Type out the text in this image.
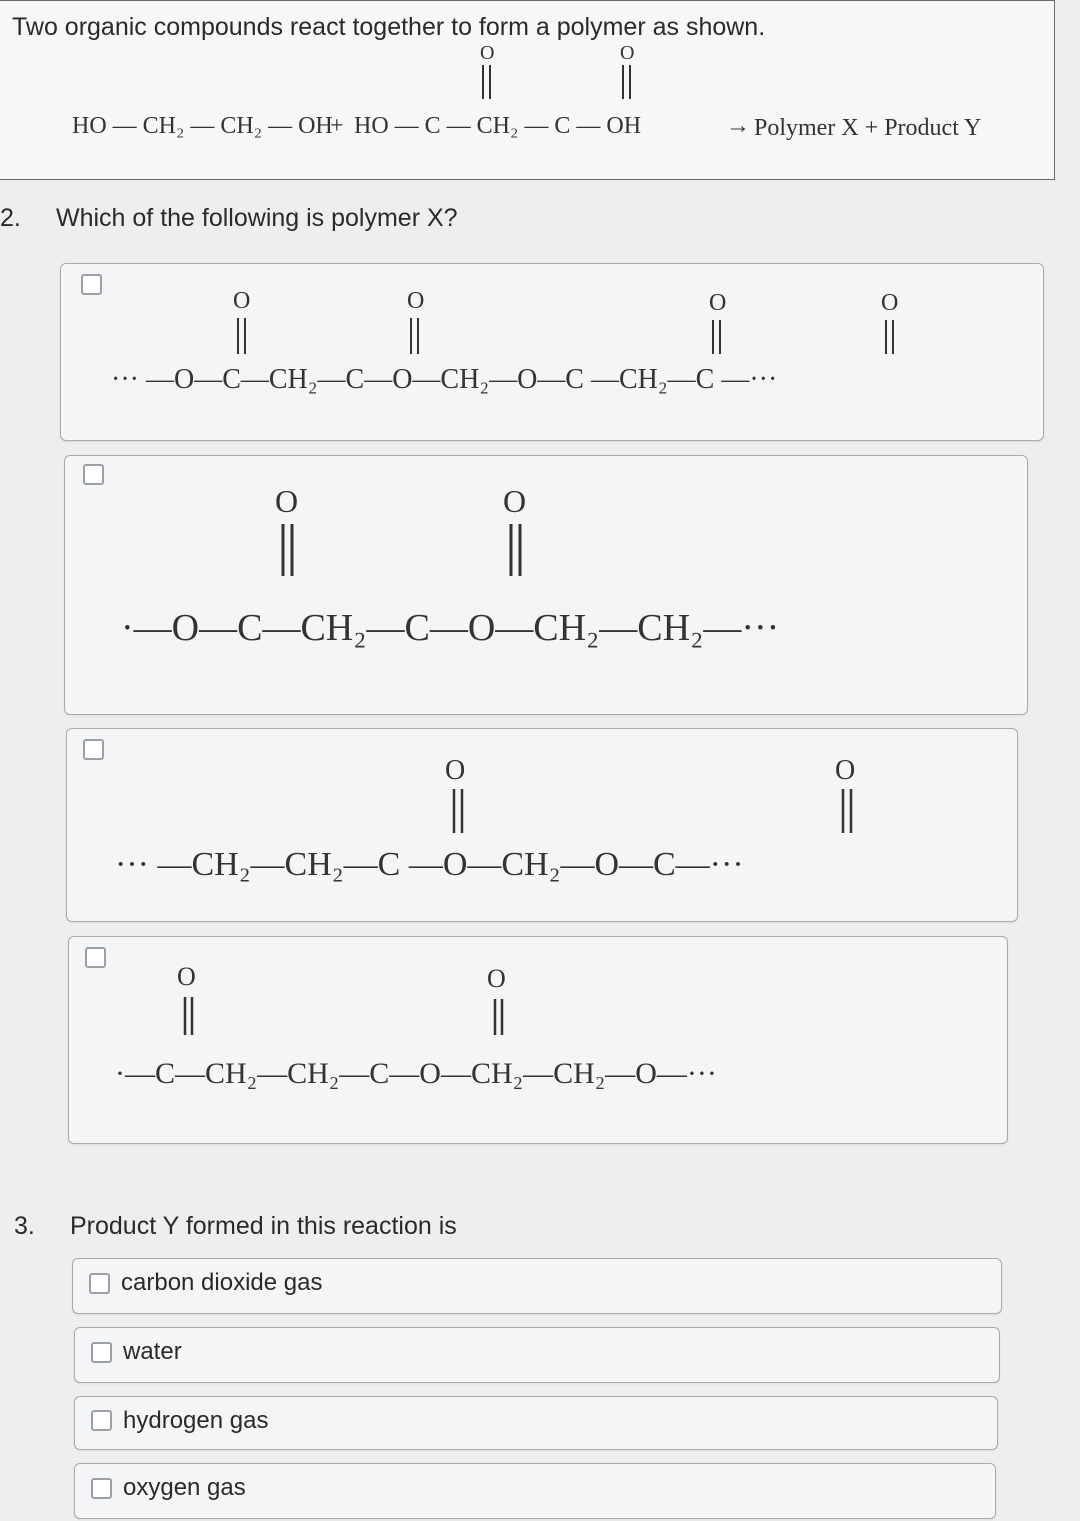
Two organic compounds react together to form a polymer as shown.
HO — CH₂ — CH₂ — OH
+ HO — C — CH₂ — C — OH
O	O
→ Polymer X + Product Y
2. Which of the following is polymer X?
··· —O—C—CH₂—C—O—CH₂—O—C —CH₂—C —···
O	O	O	O
·—O—C—CH₂—C—O—CH₂—CH₂—···
O	O
··· —CH₂—CH₂—C —O—CH₂—O—C—···
O	O
·—C—CH₂—CH₂—C—O—CH₂—CH₂—O—···
O	O
3. Product Y formed in this reaction is
carbon dioxide gas
water
hydrogen gas
oxygen gas
